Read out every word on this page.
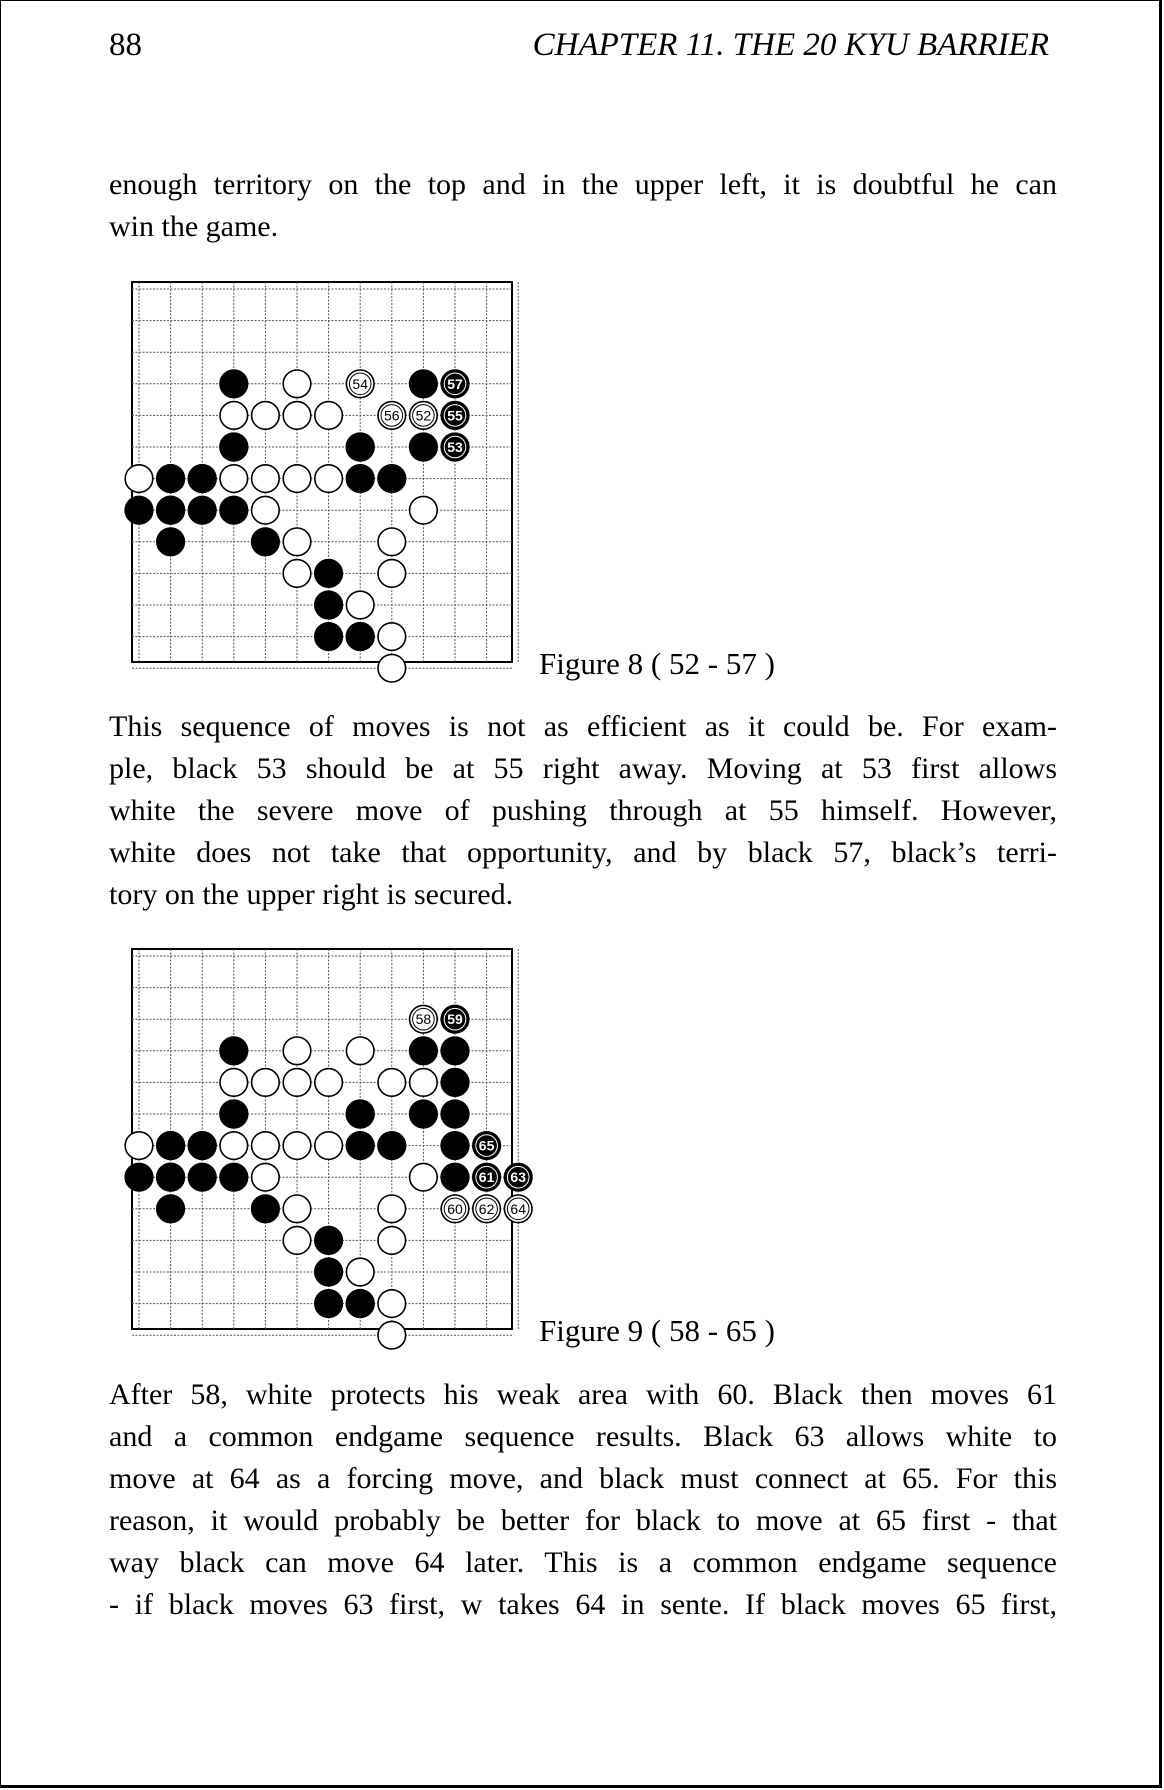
88	CHAPTER 11. THE 20 KYU BARRIER

enough territory on the top and in the upper left, it is doubtful he can
win the game.

54
56 52
57
55
53
Figure 8 ( 52 - 57 )

This sequence of moves is not as efficient as it could be. For exam-
ple, black 53 should be at 55 right away. Moving at 53 first allows
white the severe move of pushing through at 55 himself. However,
white does not take that opportunity, and by black 57, black’s terri-
tory on the upper right is secured.

58
60 62 64
59
65
61 63
Figure 9 ( 58 - 65 )

After 58, white protects his weak area with 60. Black then moves 61
and a common endgame sequence results. Black 63 allows white to
move at 64 as a forcing move, and black must connect at 65. For this
reason, it would probably be better for black to move at 65 first - that
way black can move 64 later. This is a common endgame sequence
- if black moves 63 first, w takes 64 in sente. If black moves 65 first,
